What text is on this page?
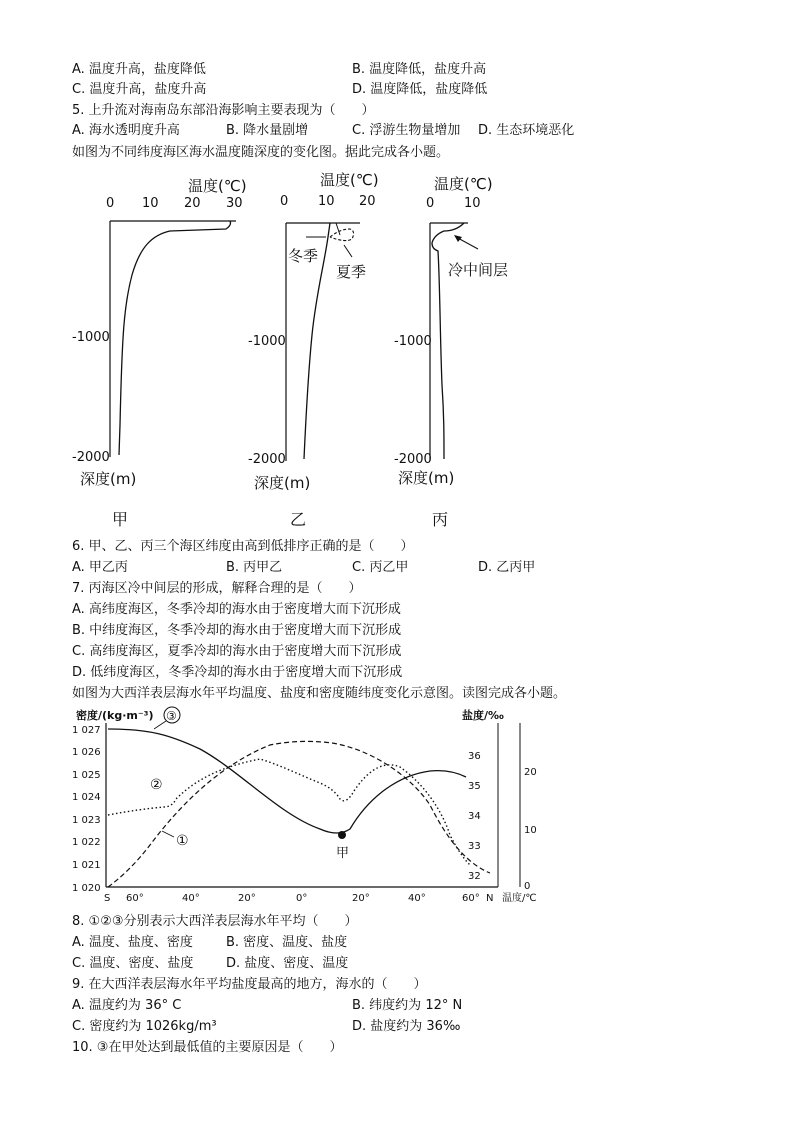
A. 温度升高，盐度降低	B. 温度降低，盐度升高
C. 温度升高，盐度升高	D. 温度降低，盐度降低
5. 上升流对海南岛东部沿海影响主要表现为（　　）
A. 海水透明度升高	B. 降水量剧增	C. 浮游生物量增加 D. 生态环境恶化
如图为不同纬度海区海水温度随深度的变化图。据此完成各小题。
温度(℃)
0 10 20 30
-1000
-2000
深度(m)
甲
温度(℃)
0 10 20
冬季
夏季
-1000
-2000
深度(m)
乙
温度(℃)
0 10
冷中间层
-1000
-2000
深度(m)
丙
6. 甲、乙、丙三个海区纬度由高到低排序正确的是（　　）
A. 甲乙丙	B. 丙甲乙	C. 丙乙甲	D. 乙丙甲
7. 丙海区冷中间层的形成，解释合理的是（　　）
A. 高纬度海区，冬季冷却的海水由于密度增大而下沉形成
B. 中纬度海区，冬季冷却的海水由于密度增大而下沉形成
C. 高纬度海区，夏季冷却的海水由于密度增大而下沉形成
D. 低纬度海区，冬季冷却的海水由于密度增大而下沉形成
如图为大西洋表层海水年平均温度、盐度和密度随纬度变化示意图。读图完成各小题。
密度/(kg·m⁻³)	盐度/‰
1 027
1 026
1 025
1 024
1 023
1 022
1 021
1 020
36
35
34
33
32
20
10
0
S 60°	40°	20°	0°	20°	40°	60° N 温度/℃
③
②
①
甲
8. ①②③分别表示大西洋表层海水年平均（　　）
A. 温度、盐度、密度	B. 密度、温度、盐度
C. 温度、密度、盐度	D. 盐度、密度、温度
9. 在大西洋表层海水年平均盐度最高的地方，海水的（　　）
A. 温度约为 36° C	B. 纬度约为 12° N
C. 密度约为 1026kg/m³	D. 盐度约为 36‰
10. ③在甲处达到最低值的主要原因是（　　）
